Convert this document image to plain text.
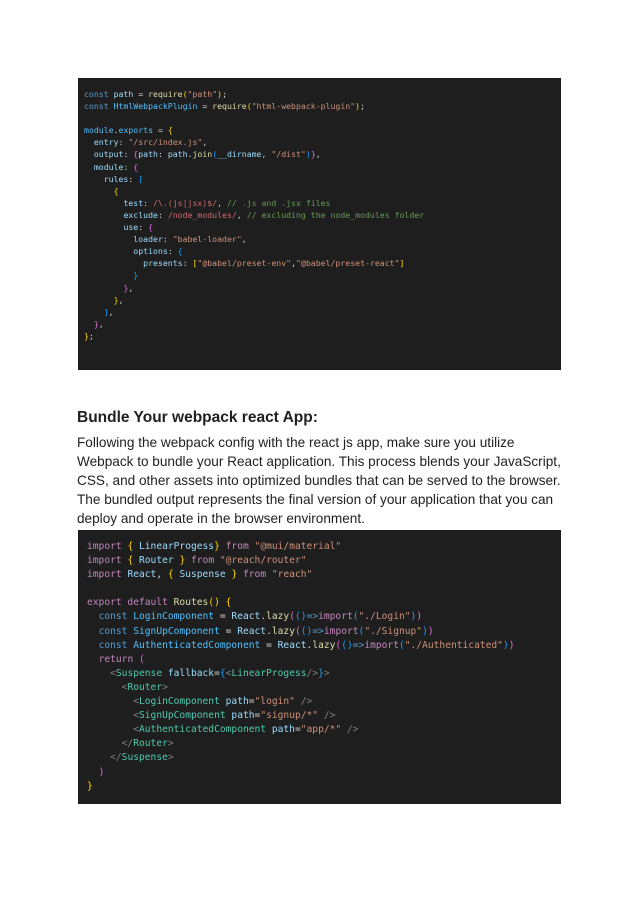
const path = require("path");
const HtmlWebpackPlugin = require("html-webpack-plugin");

module.exports = {
entry: "/src/index.js",
output: {path: path.join(__dirname, "/dist")},
module: {
rules: [
{
test: /\.(js|jsx)$/, // .js and .jsx files
exclude: /node_modules/, // excluding the node_modules folder
use: {
loader: "babel-loader",
options: {
presents: ["@babel/preset-env","@babel/preset-react"]
}
},
},
],
},
};
Bundle Your webpack react App:

Following the webpack config with the react js app, make sure you utilize Webpack to bundle your React application. This process blends your JavaScript, CSS, and other assets into optimized bundles that can be served to the browser. The bundled output represents the final version of your application that you can deploy and operate in the browser environment.

import { LinearProgess} from "@mui/material"
import { Router } from "@reach/router"
import React, { Suspense } from "reach"

export default Routes() {
const LoginComponent = React.lazy(()=>import("./Login"))
const SignUpComponent = React.lazy(()=>import("./Signup"))
const AuthenticatedComponent = React.lazy(()=>import("./Authenticated"))
return (
<Suspense fallback={<LinearProgess/>}>
<Router>
<LoginComponent path="login" />
<SignUpComponent path="signup/*" />
<AuthenticatedComponent path="app/*" />
</Router>
</Suspense>
)
}
